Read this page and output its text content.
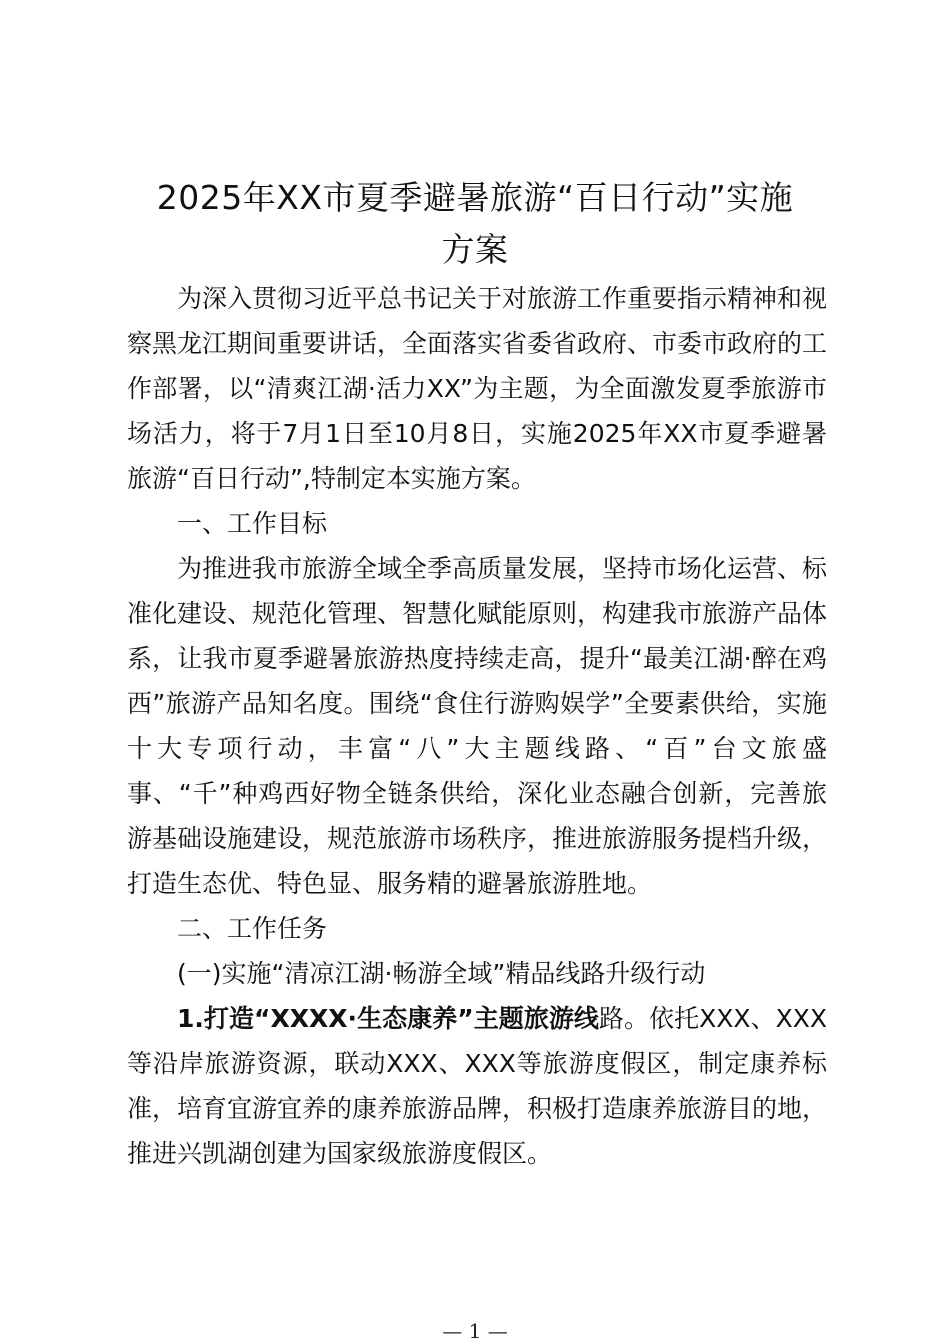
2025年XX市夏季避暑旅游“百日行动”实施
方案

为深入贯彻习近平总书记关于对旅游工作重要指示精神和视察黑龙江期间重要讲话，全面落实省委省政府、市委市政府的工作部署，以“清爽江湖·活力XX”为主题，为全面激发夏季旅游市场活力，将于7月1日至10月8日，实施2025年XX市夏季避暑旅游“百日行动”,特制定本实施方案。

一、工作目标

为推进我市旅游全域全季高质量发展，坚持市场化运营、标准化建设、规范化管理、智慧化赋能原则，构建我市旅游产品体系，让我市夏季避暑旅游热度持续走高，提升“最美江湖·醉在鸡西”旅游产品知名度。围绕“食住行游购娱学”全要素供给，实施十大专项行动，丰富“八”大主题线路、“百”台文旅盛事、“千”种鸡西好物全链条供给，深化业态融合创新，完善旅游基础设施建设，规范旅游市场秩序，推进旅游服务提档升级，打造生态优、特色显、服务精的避暑旅游胜地。

二、工作任务

(一)实施“清凉江湖·畅游全域”精品线路升级行动

1.打造“XXXX·生态康养”主题旅游线路。依托XXX、XXX等沿岸旅游资源，联动XXX、XXX等旅游度假区，制定康养标准，培育宜游宜养的康养旅游品牌，积极打造康养旅游目的地，推进兴凯湖创建为国家级旅游度假区。

— 1 —
